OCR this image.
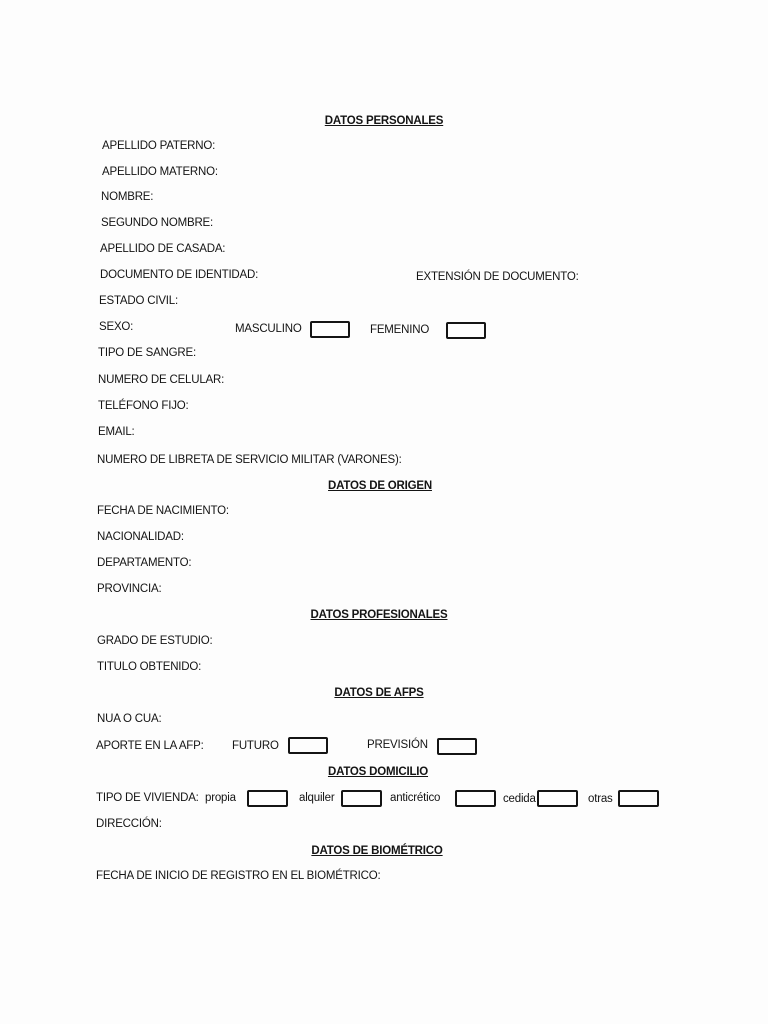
DATOS PERSONALES
APELLIDO PATERNO:
APELLIDO MATERNO:
NOMBRE:
SEGUNDO NOMBRE:
APELLIDO DE CASADA:
DOCUMENTO DE IDENTIDAD:	EXTENSIÓN DE DOCUMENTO:
ESTADO CIVIL:
SEXO:	MASCULINO	FEMENINO
TIPO DE SANGRE:
NUMERO DE CELULAR:
TELÉFONO FIJO:
EMAIL:
NUMERO DE LIBRETA DE SERVICIO MILITAR (VARONES):
DATOS DE ORIGEN
FECHA DE NACIMIENTO:
NACIONALIDAD:
DEPARTAMENTO:
PROVINCIA:
DATOS PROFESIONALES
GRADO DE ESTUDIO:
TITULO OBTENIDO:
DATOS DE AFPS
NUA O CUA:
APORTE EN LA AFP: FUTURO	PREVISIÓN
DATOS DOMICILIO
TIPO DE VIVIENDA: propia	alquiler	anticrético	cedida	otras
DIRECCIÓN:
DATOS DE BIOMÉTRICO
FECHA DE INICIO DE REGISTRO EN EL BIOMÉTRICO:
